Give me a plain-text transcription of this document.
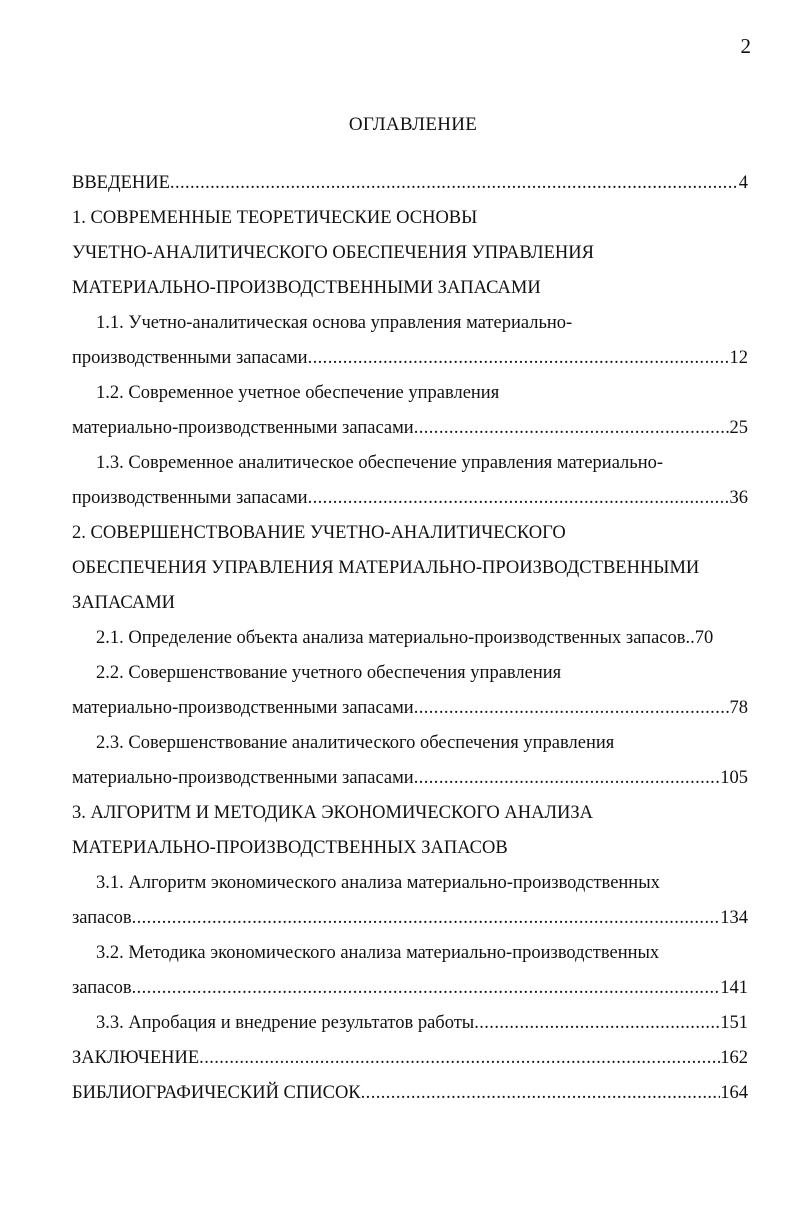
2
ОГЛАВЛЕНИЕ
ВВЕДЕНИЕ .....	4
1. СОВРЕМЕННЫЕ ТЕОРЕТИЧЕСКИЕ ОСНОВЫ
УЧЕТНО-АНАЛИТИЧЕСКОГО ОБЕСПЕЧЕНИЯ УПРАВЛЕНИЯ
МАТЕРИАЛЬНО-ПРОИЗВОДСТВЕННЫМИ ЗАПАСАМИ
1.1. Учетно-аналитическая основа управления материально-
производственными запасами .....	12
1.2. Современное учетное обеспечение управления
материально-производственными запасами .....	25
1.3. Современное аналитическое обеспечение управления материально-
производственными запасами .....	36
2. СОВЕРШЕНСТВОВАНИЕ УЧЕТНО-АНАЛИТИЧЕСКОГО
ОБЕСПЕЧЕНИЯ УПРАВЛЕНИЯ МАТЕРИАЛЬНО-ПРОИЗВОДСТВЕННЫМИ
ЗАПАСАМИ
2.1. Определение объекта анализа материально-производственных запасов..70
2.2. Совершенствование учетного обеспечения управления
материально-производственными запасами .....	78
2.3. Совершенствование аналитического обеспечения управления
материально-производственными запасами .....	105
3. АЛГОРИТМ И МЕТОДИКА ЭКОНОМИЧЕСКОГО АНАЛИЗА
МАТЕРИАЛЬНО-ПРОИЗВОДСТВЕННЫХ ЗАПАСОВ
3.1. Алгоритм экономического анализа материально-производственных
запасов .....	134
3.2. Методика экономического анализа материально-производственных
запасов .....	141
3.3. Апробация и внедрение результатов работы .....	151
ЗАКЛЮЧЕНИЕ .....	162
БИБЛИОГРАФИЧЕСКИЙ СПИСОК .....	164
